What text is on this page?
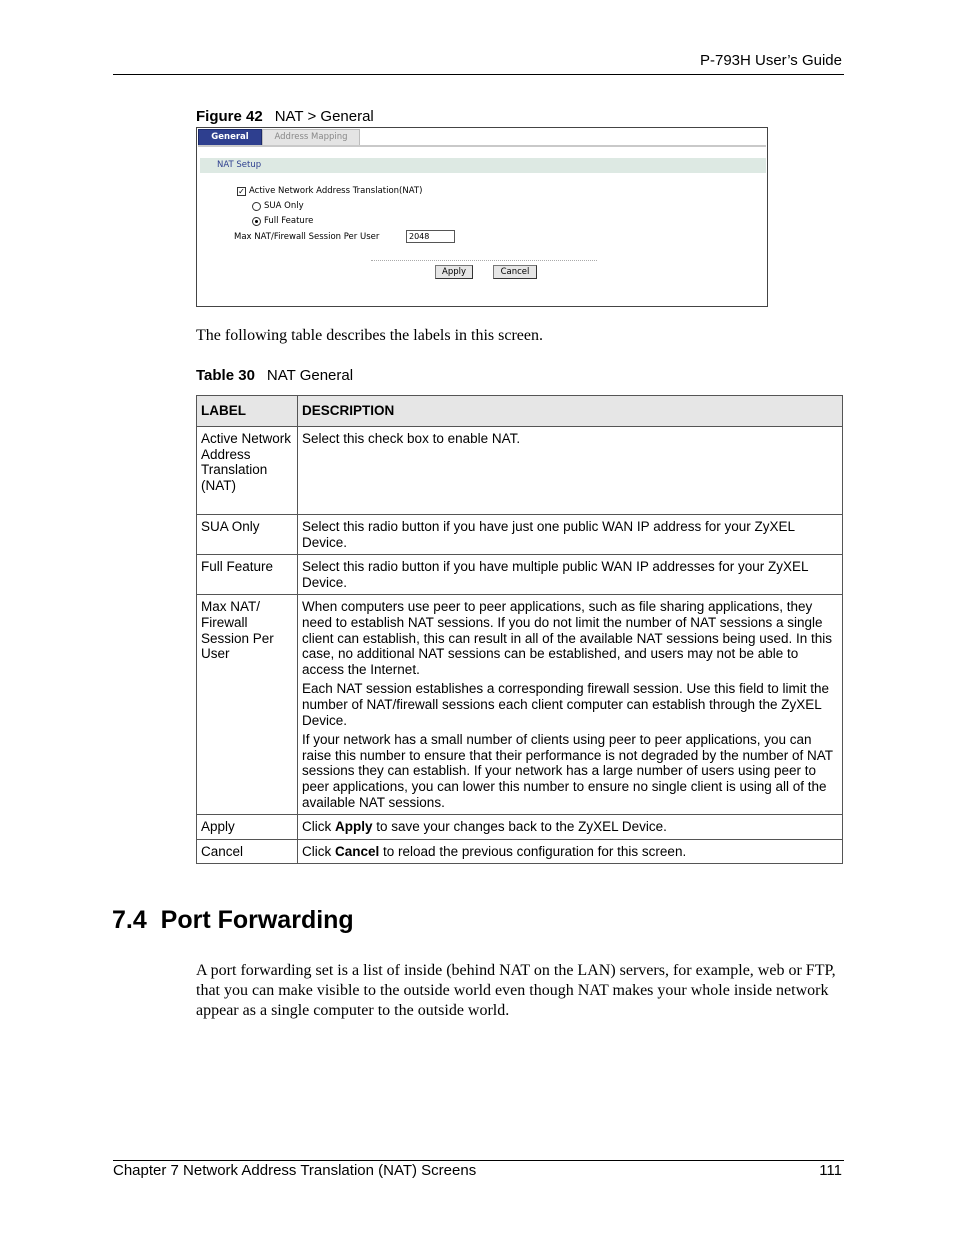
P-793H User’s Guide
Figure 42 NAT > General
General	Address Mapping
NAT Setup
✓ Active Network Address Translation(NAT)
SUA Only
Full Feature
Max NAT/Firewall Session Per User	2048
Apply	Cancel
The following table describes the labels in this screen.
Table 30 NAT General
LABEL	DESCRIPTION
Active Network Address Translation (NAT)	Select this check box to enable NAT.

SUA Only	Select this radio button if you have just one public WAN IP address for your ZyXEL Device.

Full Feature	Select this radio button if you have multiple public WAN IP addresses for your ZyXEL Device.

Max NAT/ Firewall Session Per User	When computers use peer to peer applications, such as file sharing applications, they need to establish NAT sessions. If you do not limit the number of NAT sessions a single client can establish, this can result in all of the available NAT sessions being used. In this case, no additional NAT sessions can be established, and users may not be able to access the Internet.

Each NAT session establishes a corresponding firewall session. Use this field to limit the number of NAT/firewall sessions each client computer can establish through the ZyXEL Device.

If your network has a small number of clients using peer to peer applications, you can raise this number to ensure that their performance is not degraded by the number of NAT sessions they can establish. If your network has a large number of users using peer to peer applications, you can lower this number to ensure no single client is using all of the available NAT sessions.

Apply	Click Apply to save your changes back to the ZyXEL Device.
Cancel	Click Cancel to reload the previous configuration for this screen.
7.4  Port Forwarding
A port forwarding set is a list of inside (behind NAT on the LAN) servers, for example, web or FTP, that you can make visible to the outside world even though NAT makes your whole inside network appear as a single computer to the outside world.
Chapter 7 Network Address Translation (NAT) Screens	111
